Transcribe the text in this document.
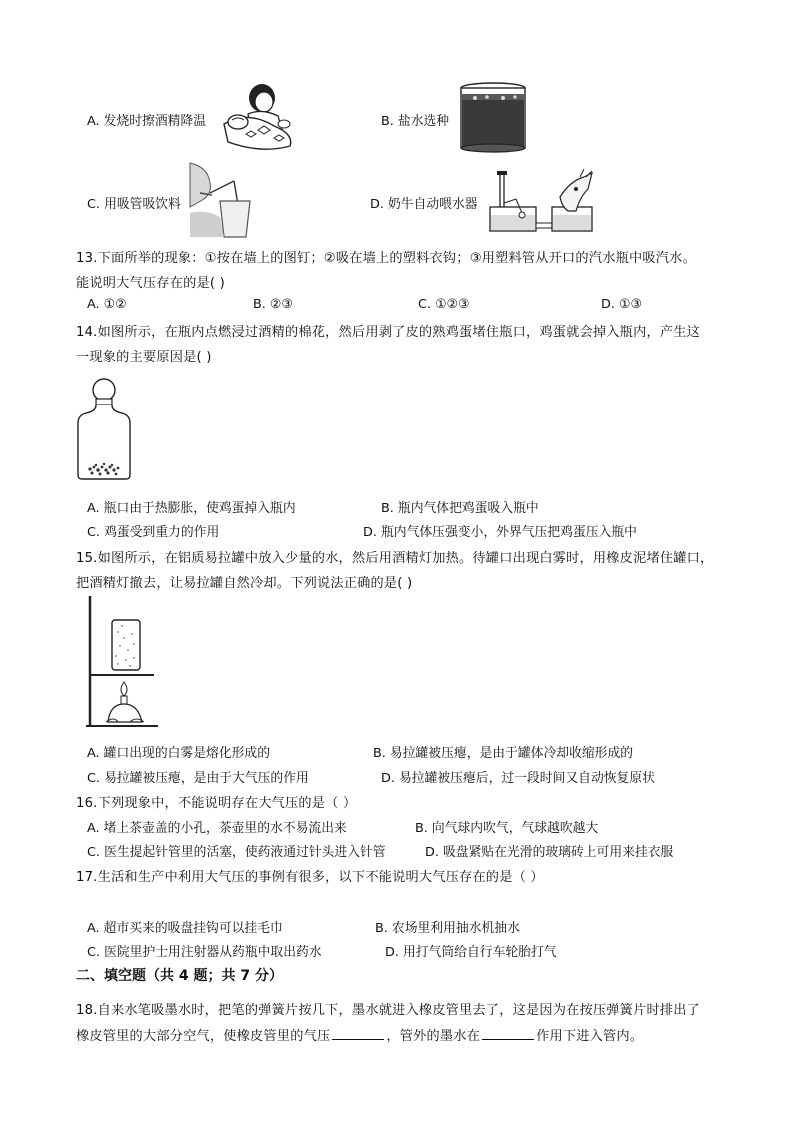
A. 发烧时擦酒精降温	B. 盐水选种
C. 用吸管吸饮料	D. 奶牛自动喂水器
13.下面所举的现象：①按在墙上的图钉；②吸在墙上的塑料衣钩；③用塑料管从开口的汽水瓶中吸汽水。
能说明大气压存在的是( )
A. ①②	B. ②③	C. ①②③	D. ①③
14.如图所示，在瓶内点燃浸过酒精的棉花，然后用剥了皮的熟鸡蛋堵住瓶口，鸡蛋就会掉入瓶内，产生这
一现象的主要原因是( )
A. 瓶口由于热膨胀，使鸡蛋掉入瓶内	B. 瓶内气体把鸡蛋吸入瓶中
C. 鸡蛋受到重力的作用	D. 瓶内气体压强变小，外界气压把鸡蛋压入瓶中
15.如图所示，在铝质易拉罐中放入少量的水，然后用酒精灯加热。待罐口出现白雾时，用橡皮泥堵住罐口，
把酒精灯撤去，让易拉罐自然冷却。下列说法正确的是( )
A. 罐口出现的白雾是熔化形成的	B. 易拉罐被压瘪，是由于罐体冷却收缩形成的
C. 易拉罐被压瘪，是由于大气压的作用	D. 易拉罐被压瘪后，过一段时间又自动恢复原状
16.下列现象中，不能说明存在大气压的是（ ）
A. 堵上茶壶盖的小孔，茶壶里的水不易流出来	B. 向气球内吹气，气球越吹越大
C. 医生提起针管里的活塞，使药液通过针头进入针管	D. 吸盘紧贴在光滑的玻璃砖上可用来挂衣服
17.生活和生产中利用大气压的事例有很多，以下不能说明大气压存在的是（ ）
A. 超市买来的吸盘挂钩可以挂毛巾	B. 农场里利用抽水机抽水
C. 医院里护士用注射器从药瓶中取出药水	D. 用打气筒给自行车轮胎打气
二、填空题（共 4 题；共 7 分）
18.自来水笔吸墨水时，把笔的弹簧片按几下，墨水就进入橡皮管里去了，这是因为在按压弹簧片时排出了
橡皮管里的大部分空气，使橡皮管里的气压	，管外的墨水在	作用下进入管内。
